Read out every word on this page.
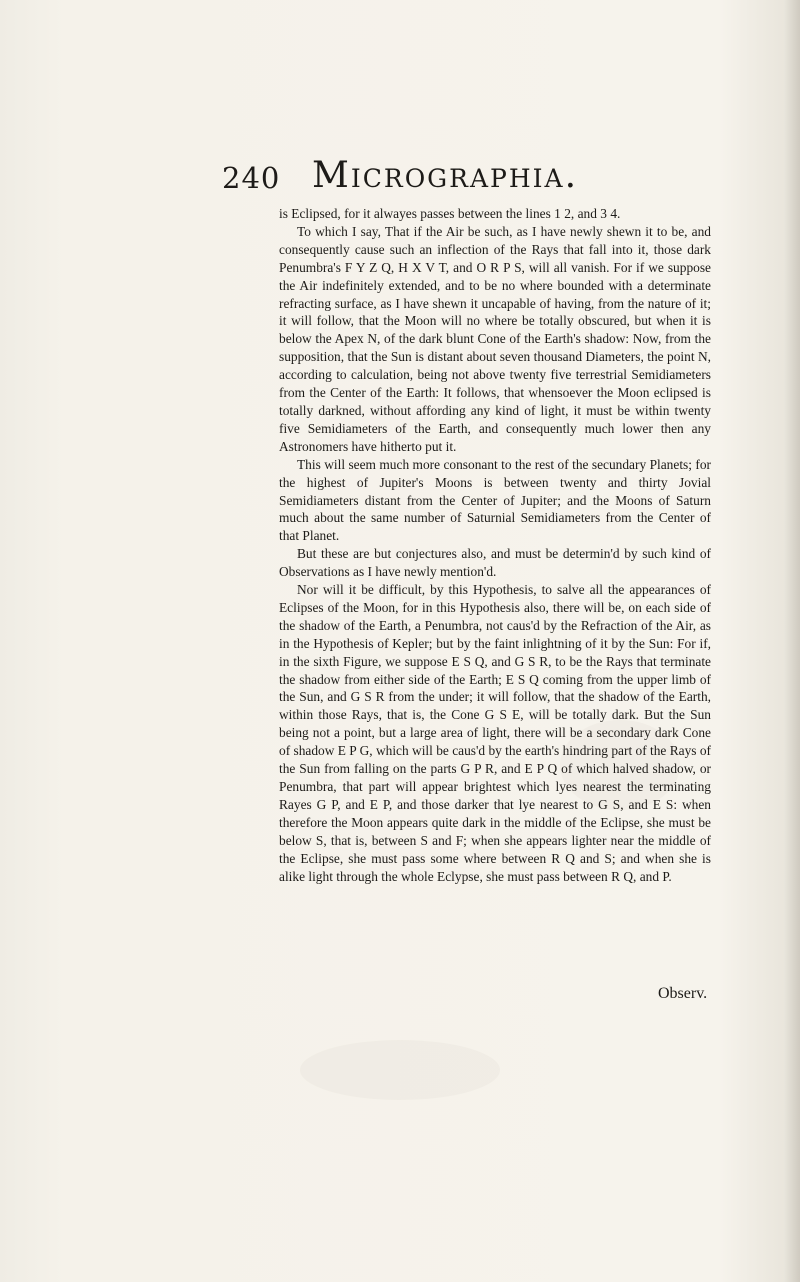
240 Micrographia.

is Eclipsed, for it alwayes passes between the lines 1 2, and 3 4.

To which I say, That if the Air be such, as I have newly shewn it to be, and consequently cause such an inflection of the Rays that fall into it, those dark Penumbra's F Y Z Q, H X V T, and O R P S, will all vanish. For if we suppose the Air indefinitely extended, and to be no where bounded with a determinate refracting surface, as I have shewn it uncapable of having, from the nature of it; it will follow, that the Moon will no where be totally obscured, but when it is below the Apex N, of the dark blunt Cone of the Earth's shadow: Now, from the supposition, that the Sun is distant about seven thousand Diameters, the point N, according to calculation, being not above twenty five terrestrial Semidiameters from the Center of the Earth: It follows, that whensoever the Moon eclipsed is totally darkned, without affording any kind of light, it must be within twenty five Semidiameters of the Earth, and consequently much lower then any Astronomers have hitherto put it.

This will seem much more consonant to the rest of the secundary Planets; for the highest of Jupiter's Moons is between twenty and thirty Jovial Semidiameters distant from the Center of Jupiter; and the Moons of Saturn much about the same number of Saturnial Semidiameters from the Center of that Planet.

But these are but conjectures also, and must be determin'd by such kind of Observations as I have newly mention'd.

Nor will it be difficult, by this Hypothesis, to salve all the appearances of Eclipses of the Moon, for in this Hypothesis also, there will be, on each side of the shadow of the Earth, a Penumbra, not caus'd by the Refraction of the Air, as in the Hypothesis of Kepler; but by the faint inlightning of it by the Sun: For if, in the sixth Figure, we suppose E S Q, and G S R, to be the Rays that terminate the shadow from either side of the Earth; E S Q coming from the upper limb of the Sun, and G S R from the under; it will follow, that the shadow of the Earth, within those Rays, that is, the Cone G S E, will be totally dark. But the Sun being not a point, but a large area of light, there will be a secondary dark Cone of shadow E P G, which will be caus'd by the earth's hindring part of the Rays of the Sun from falling on the parts G P R, and E P Q of which halved shadow, or Penumbra, that part will appear brightest which lyes nearest the terminating Rayes G P, and E P, and those darker that lye nearest to G S, and E S: when therefore the Moon appears quite dark in the middle of the Eclipse, she must be below S, that is, between S and F; when she appears lighter near the middle of the Eclipse, she must pass some where between R Q and S; and when she is alike light through the whole Eclypse, she must pass between R Q, and P.

Observ.
